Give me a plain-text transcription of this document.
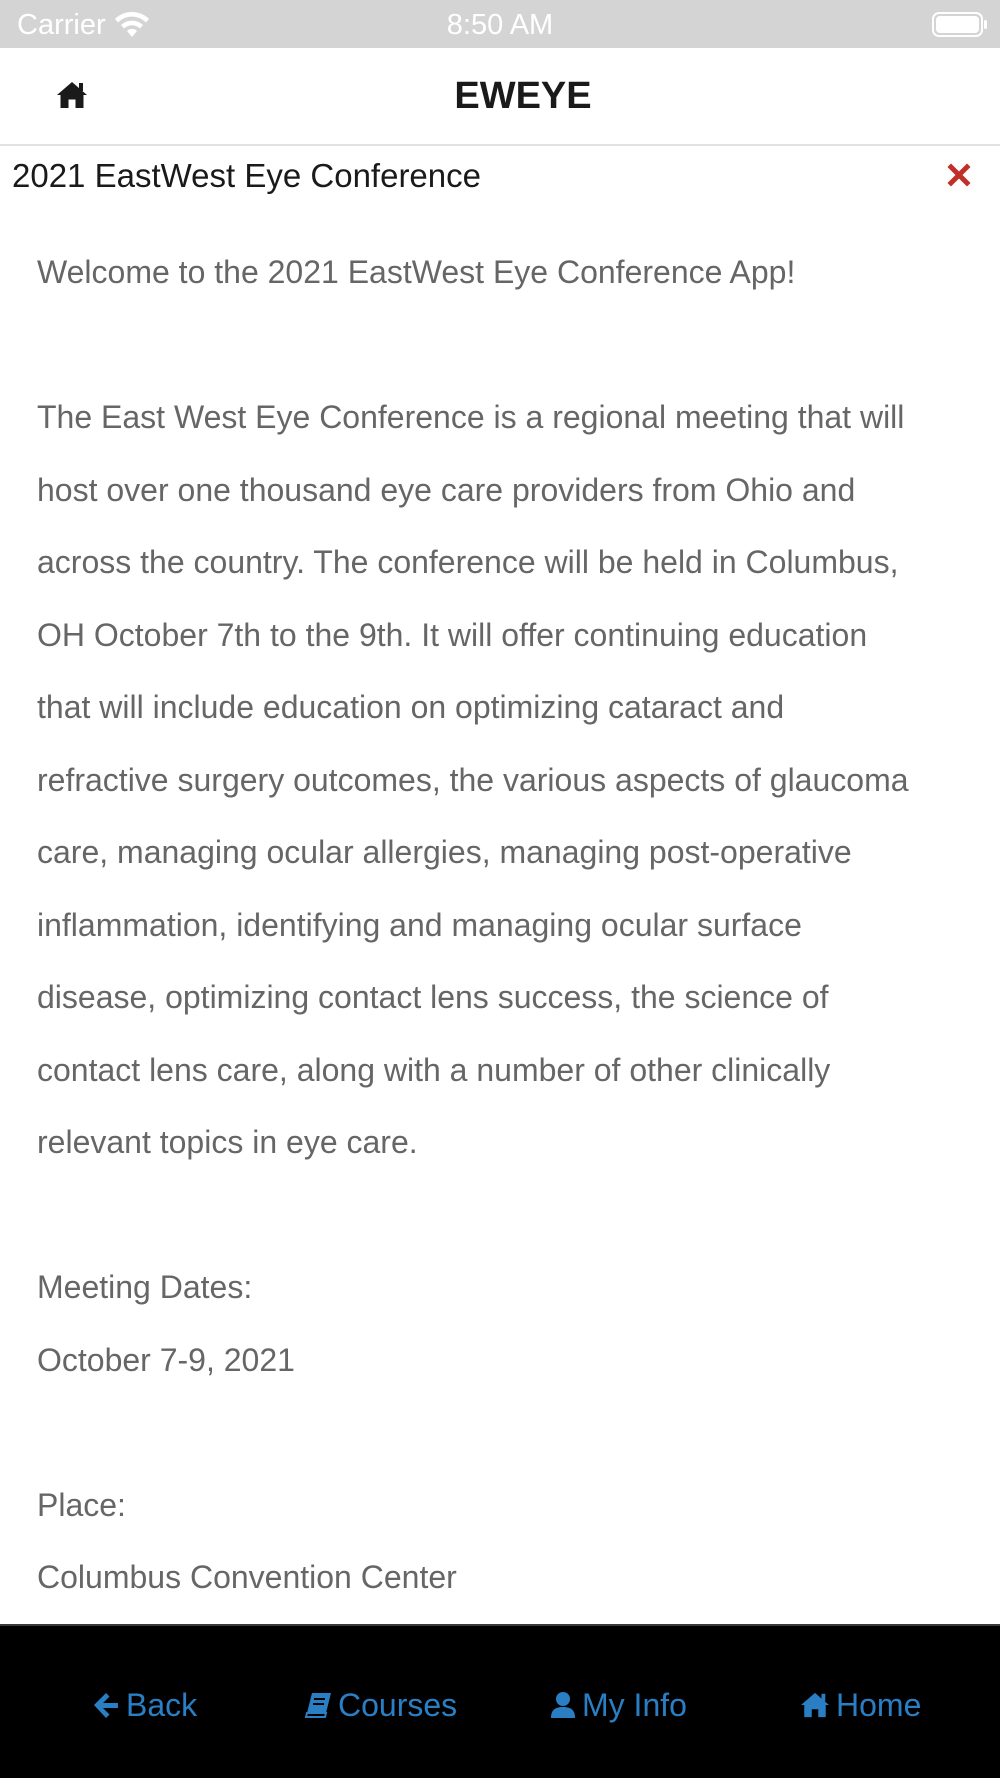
Carrier	8:50 AM
EWEYE
2021 EastWest Eye Conference

Welcome to the 2021 EastWest Eye Conference App!

The East West Eye Conference is a regional meeting that will

host over one thousand eye care providers from Ohio and

across the country. The conference will be held in Columbus,

OH October 7th to the 9th. It will offer continuing education

that will include education on optimizing cataract and

refractive surgery outcomes, the various aspects of glaucoma

care, managing ocular allergies, managing post-operative

inflammation, identifying and managing ocular surface

disease, optimizing contact lens success, the science of

contact lens care, along with a number of other clinically

relevant topics in eye care.

Meeting Dates:

October 7-9, 2021

Place:

Columbus Convention Center

Back	Courses	My Info	Home
